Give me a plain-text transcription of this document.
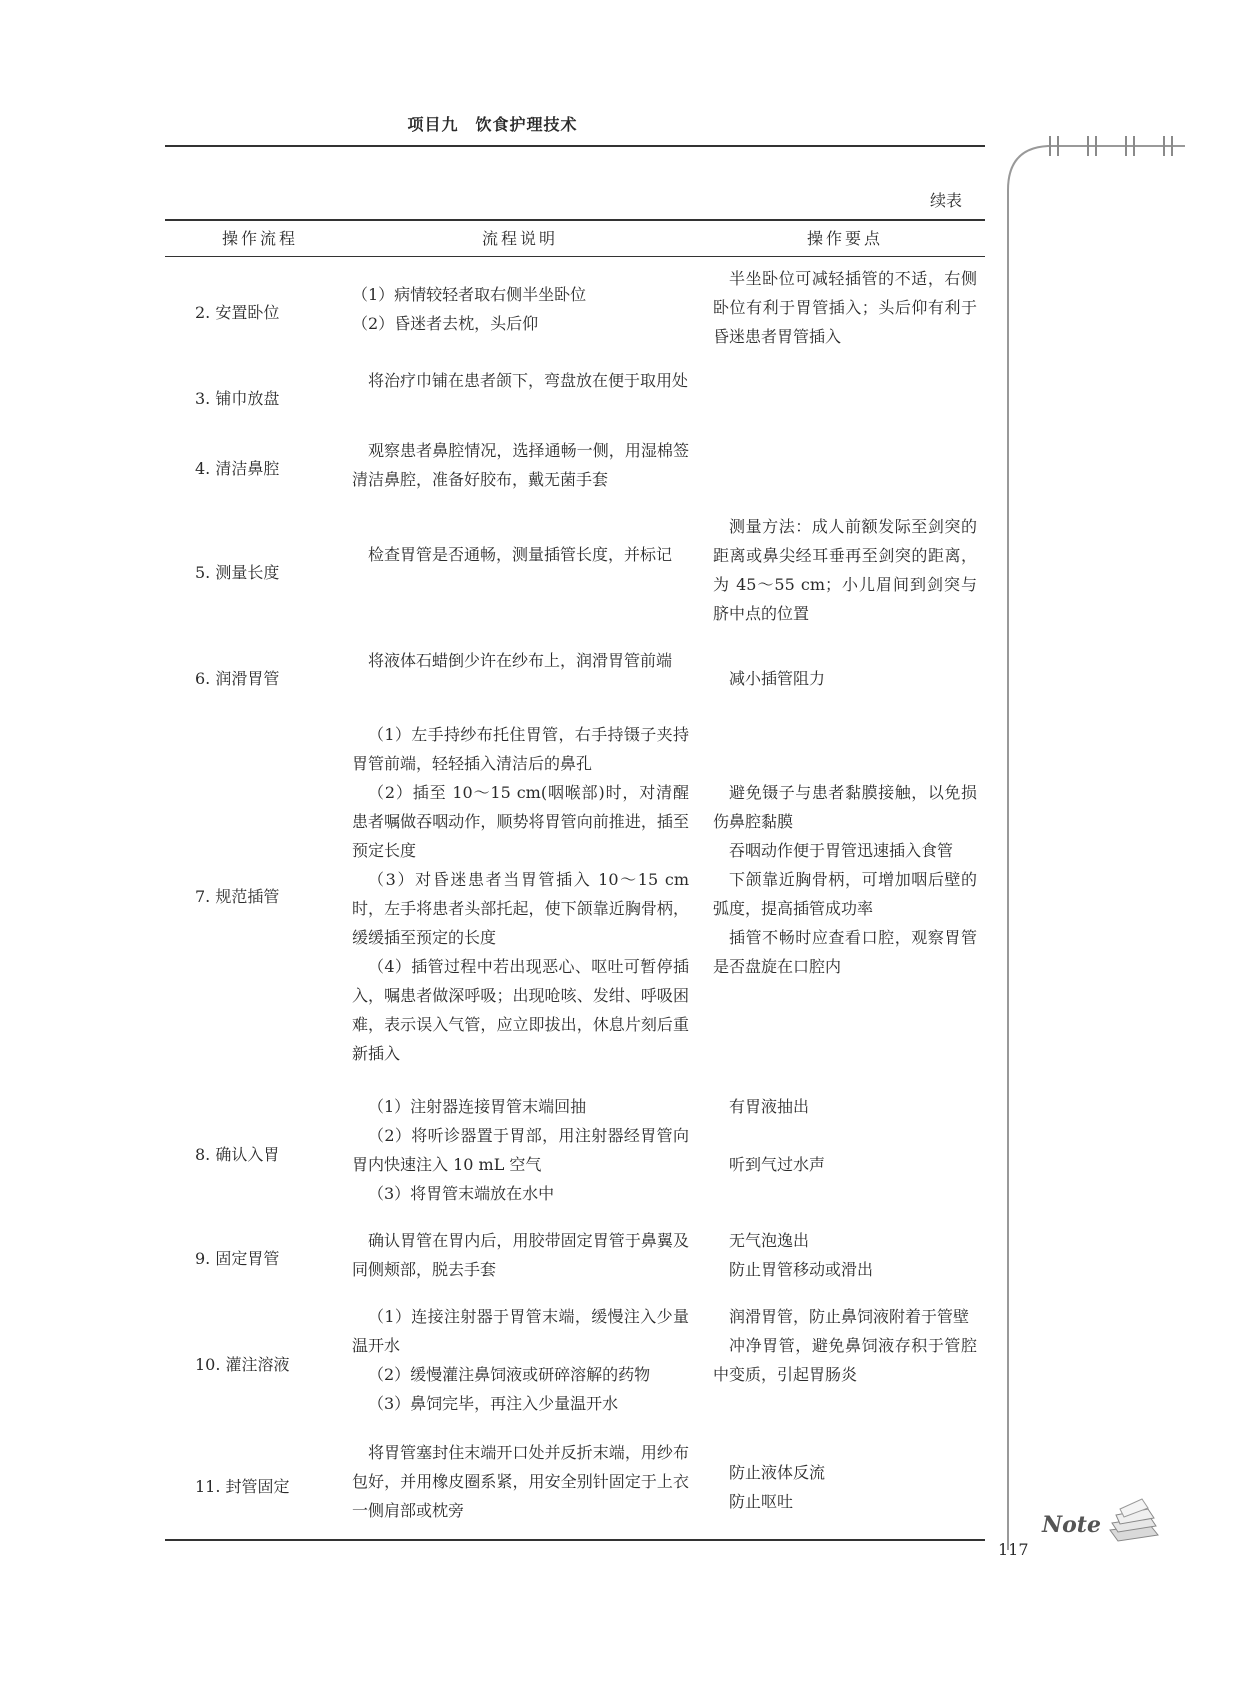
项目九　饮食护理技术
Note
续表
操作流程	流程说明	操作要点
2. 安置卧位
（1）病情较轻者取右侧半坐卧位
（2）昏迷者去枕，头后仰
半坐卧位可减轻插管的不适，右侧卧位有利于胃管插入；头后仰有利于昏迷患者胃管插入
3. 铺巾放盘
将治疗巾铺在患者颌下，弯盘放在便于取用处
4. 清洁鼻腔
观察患者鼻腔情况，选择通畅一侧，用湿棉签清洁鼻腔，准备好胶布，戴无菌手套
5. 测量长度
检查胃管是否通畅，测量插管长度，并标记
测量方法：成人前额发际至剑突的距离或鼻尖经耳垂再至剑突的距离，为 45～55 cm；小儿眉间到剑突与脐中点的位置
6. 润滑胃管
将液体石蜡倒少许在纱布上，润滑胃管前端
减小插管阻力
7. 规范插管
（1）左手持纱布托住胃管，右手持镊子夹持胃管前端，轻轻插入清洁后的鼻孔
（2）插至 10～15 cm(咽喉部)时，对清醒患者嘱做吞咽动作，顺势将胃管向前推进，插至预定长度
（3）对昏迷患者当胃管插入 10～15 cm 时，左手将患者头部托起，使下颌靠近胸骨柄，缓缓插至预定的长度
（4）插管过程中若出现恶心、呕吐可暂停插入，嘱患者做深呼吸；出现呛咳、发绀、呼吸困难，表示误入气管，应立即拔出，休息片刻后重新插入
避免镊子与患者黏膜接触，以免损伤鼻腔黏膜
吞咽动作便于胃管迅速插入食管
下颌靠近胸骨柄，可增加咽后壁的弧度，提高插管成功率
插管不畅时应查看口腔，观察胃管是否盘旋在口腔内
8. 确认入胃
（1）注射器连接胃管末端回抽
（2）将听诊器置于胃部，用注射器经胃管向胃内快速注入 10 mL 空气
（3）将胃管末端放在水中
有胃液抽出
听到气过水声
9. 固定胃管
确认胃管在胃内后，用胶带固定胃管于鼻翼及同侧颊部，脱去手套
无气泡逸出
防止胃管移动或滑出
10. 灌注溶液
（1）连接注射器于胃管末端，缓慢注入少量温开水
（2）缓慢灌注鼻饲液或研碎溶解的药物
（3）鼻饲完毕，再注入少量温开水
润滑胃管，防止鼻饲液附着于管壁
冲净胃管，避免鼻饲液存积于管腔中变质，引起胃肠炎
11. 封管固定
将胃管塞封住末端开口处并反折末端，用纱布包好，并用橡皮圈系紧，用安全别针固定于上衣一侧肩部或枕旁
防止液体反流
防止呕吐
117
